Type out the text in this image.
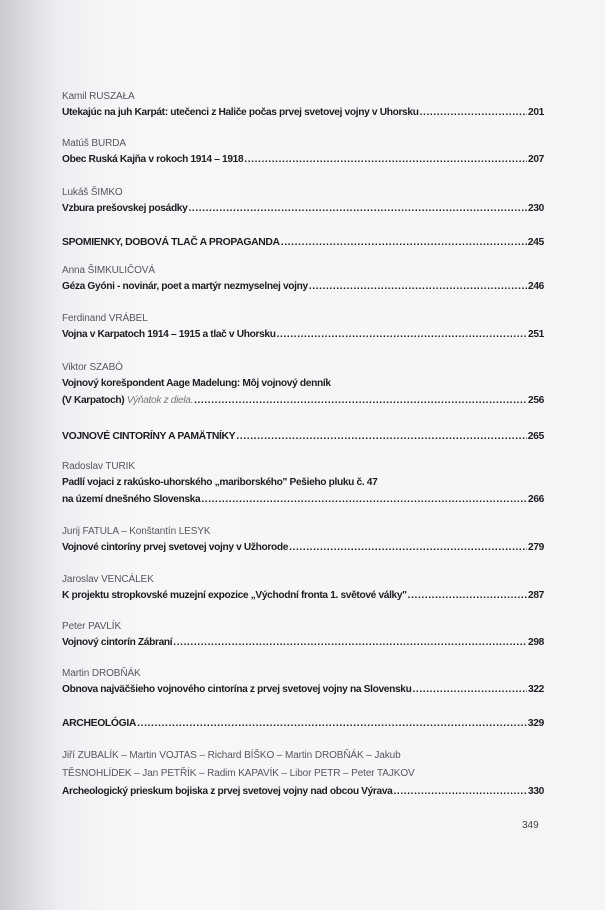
Kamil RUSZAŁA
Utekajúc na juh Karpát: utečenci z Haliče počas prvej svetovej vojny v Uhorsku .....	201
Matúš BURDA
Obec Ruská Kajňa v rokoch 1914 – 1918 .....	207
Lukáš ŠIMKO
Vzbura prešovskej posádky .....	230
SPOMIENKY, DOBOVÁ TLAČ A PROPAGANDA .....	245
Anna ŠIMKULIČOVÁ
Géza Gyóni - novinár, poet a martýr nezmyselnej vojny .....	246
Ferdinand VRÁBEL
Vojna v Karpatoch 1914 – 1915 a tlač v Uhorsku .....	251
Viktor SZABÓ
Vojnový korešpondent Aage Madelung: Môj vojnový denník
(V Karpatoch) Výňatok z diela. .....	256
VOJNOVÉ CINTORÍNY A PAMÄTNÍKY .....	265
Radoslav TURIK
Padlí vojaci z rakúsko-uhorského „mariborského" Pešieho pluku č. 47
na území dnešného Slovenska .....	266
Jurij FATULA – Konštantín LESYK
Vojnové cintoríny prvej svetovej vojny v Užhorode .....	279
Jaroslav VENCÁLEK
K projektu stropkovské muzejní expozice „Východní fronta 1. světové války" .....	287
Peter PAVLÍK
Vojnový cintorín Zábraní .....	298
Martin DROBŇÁK
Obnova najväčšieho vojnového cintorína z prvej svetovej vojny na Slovensku .....	322
ARCHEOLÓGIA .....	329
Jiří ZUBALÍK – Martin VOJTAS – Richard BÍŠKO – Martin DROBŇÁK – Jakub
TĚSNOHLÍDEK – Jan PETŘÍK – Radim KAPAVÍK – Libor PETR – Peter TAJKOV
Archeologický prieskum bojiska z prvej svetovej vojny nad obcou Výrava .....	330
349
